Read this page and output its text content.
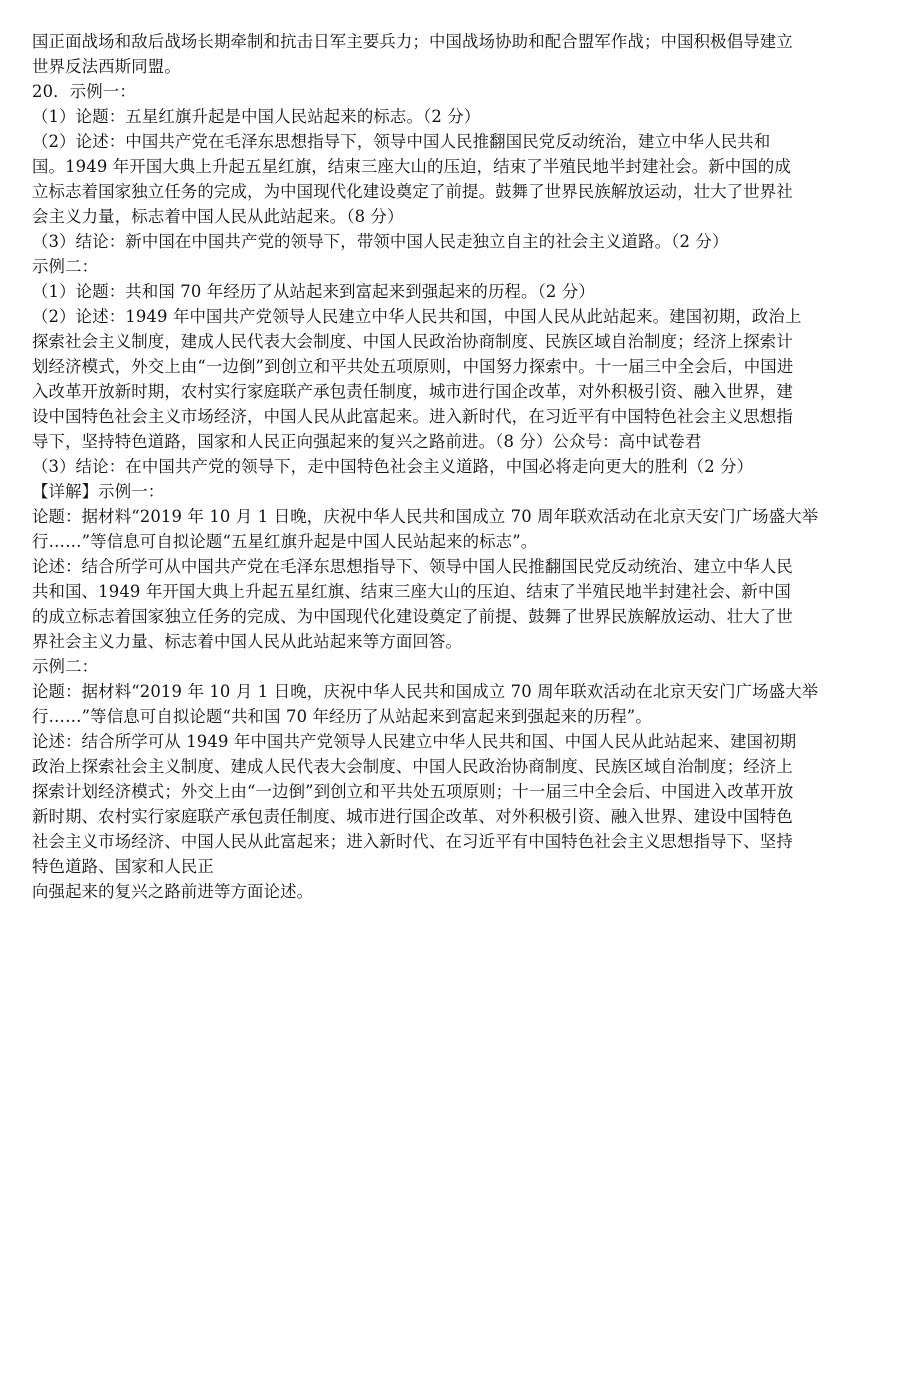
国正面战场和敌后战场长期牵制和抗击日军主要兵力；中国战场协助和配合盟军作战；中国积极倡导建立
世界反法西斯同盟。
20．示例一：
（1）论题：五星红旗升起是中国人民站起来的标志。（2 分）
（2）论述：中国共产党在毛泽东思想指导下，领导中国人民推翻国民党反动统治，建立中华人民共和
国。1949 年开国大典上升起五星红旗，结束三座大山的压迫，结束了半殖民地半封建社会。新中国的成
立标志着国家独立任务的完成，为中国现代化建设奠定了前提。鼓舞了世界民族解放运动，壮大了世界社
会主义力量，标志着中国人民从此站起来。（8 分）
（3）结论：新中国在中国共产党的领导下，带领中国人民走独立自主的社会主义道路。（2 分）
示例二：
（1）论题：共和国 70 年经历了从站起来到富起来到强起来的历程。（2 分）
（2）论述：1949 年中国共产党领导人民建立中华人民共和国，中国人民从此站起来。建国初期，政治上
探索社会主义制度，建成人民代表大会制度、中国人民政治协商制度、民族区域自治制度；经济上探索计
划经济模式，外交上由“一边倒”到创立和平共处五项原则，中国努力探索中。十一届三中全会后，中国进
入改革开放新时期，农村实行家庭联产承包责任制度，城市进行国企改革，对外积极引资、融入世界，建
设中国特色社会主义市场经济，中国人民从此富起来。进入新时代，在习近平有中国特色社会主义思想指
导下，坚持特色道路，国家和人民正向强起来的复兴之路前进。（8 分）公众号：高中试卷君
（3）结论：在中国共产党的领导下，走中国特色社会主义道路，中国必将走向更大的胜利（2 分）
【详解】示例一：
论题：据材料“2019 年 10 月 1 日晚，庆祝中华人民共和国成立 70 周年联欢活动在北京天安门广场盛大举
行……”等信息可自拟论题“五星红旗升起是中国人民站起来的标志”。
论述：结合所学可从中国共产党在毛泽东思想指导下、领导中国人民推翻国民党反动统治、建立中华人民
共和国、1949 年开国大典上升起五星红旗、结束三座大山的压迫、结束了半殖民地半封建社会、新中国
的成立标志着国家独立任务的完成、为中国现代化建设奠定了前提、鼓舞了世界民族解放运动、壮大了世
界社会主义力量、标志着中国人民从此站起来等方面回答。
示例二：
论题：据材料“2019 年 10 月 1 日晚，庆祝中华人民共和国成立 70 周年联欢活动在北京天安门广场盛大举
行……”等信息可自拟论题“共和国 70 年经历了从站起来到富起来到强起来的历程”。
论述：结合所学可从 1949 年中国共产党领导人民建立中华人民共和国、中国人民从此站起来、建国初期
政治上探索社会主义制度、建成人民代表大会制度、中国人民政治协商制度、民族区域自治制度；经济上
探索计划经济模式；外交上由“一边倒”到创立和平共处五项原则；十一届三中全会后、中国进入改革开放
新时期、农村实行家庭联产承包责任制度、城市进行国企改革、对外积极引资、融入世界、建设中国特色
社会主义市场经济、中国人民从此富起来；进入新时代、在习近平有中国特色社会主义思想指导下、坚持
特色道路、国家和人民正
向强起来的复兴之路前进等方面论述。
